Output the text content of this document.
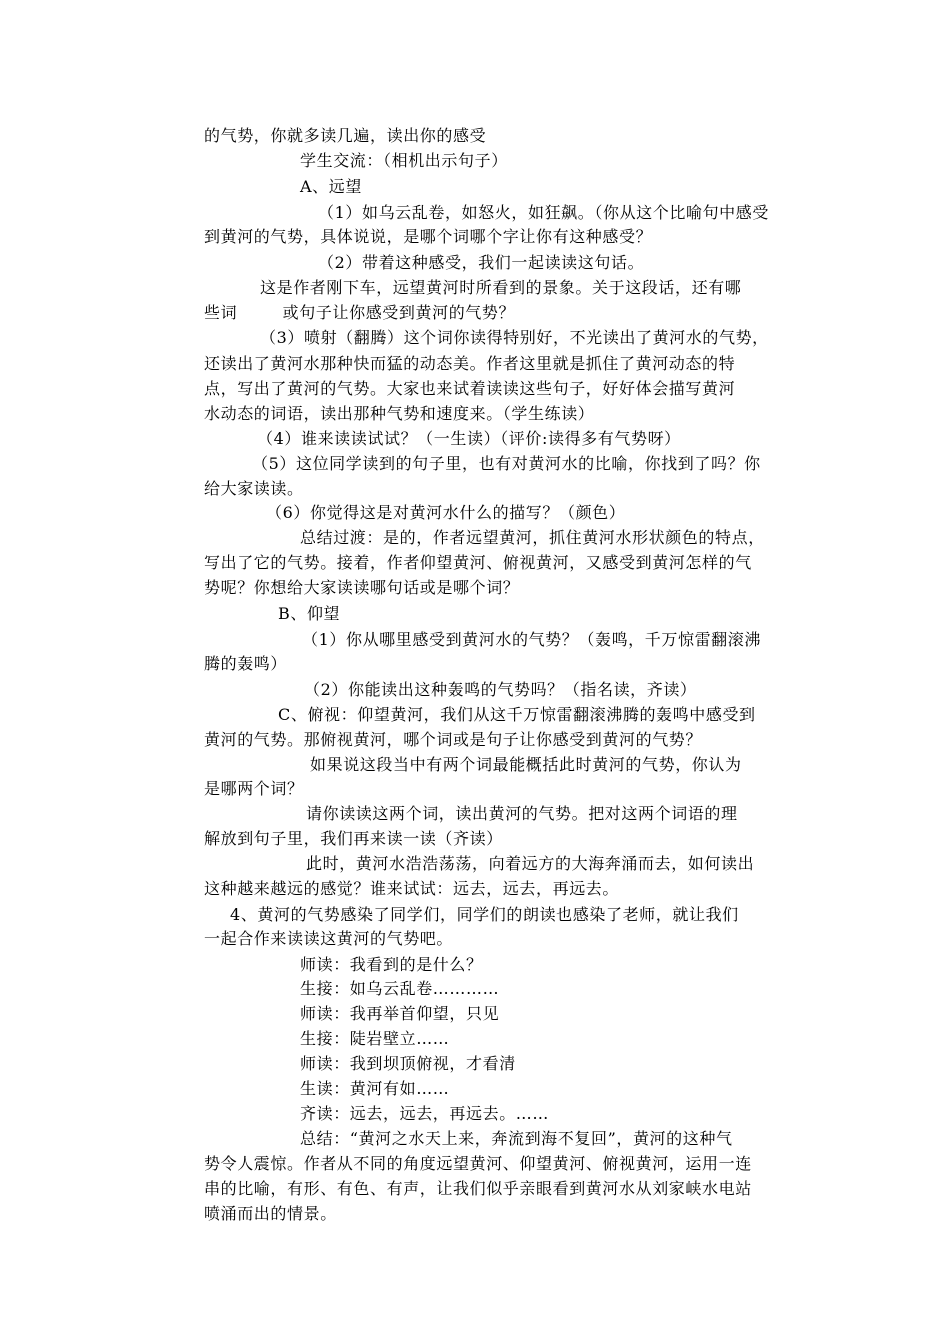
的气势，你就多读几遍，读出你的感受
学生交流：（相机出示句子）
A、远望
（1）如乌云乱卷，如怒火，如狂飙。（你从这个比喻句中感受
到黄河的气势，具体说说，是哪个词哪个字让你有这种感受？
（2）带着这种感受，我们一起读读这句话。
这是作者刚下车，远望黄河时所看到的景象。关于这段话，还有哪
些词        或句子让你感受到黄河的气势？
（3）喷射（翻腾）这个词你读得特别好，不光读出了黄河水的气势，
还读出了黄河水那种快而猛的动态美。作者这里就是抓住了黄河动态的特
点，写出了黄河的气势。大家也来试着读读这些句子，好好体会描写黄河
水动态的词语，读出那种气势和速度来。（学生练读）
（4）谁来读读试试？（一生读）（评价:读得多有气势呀）
（5）这位同学读到的句子里，也有对黄河水的比喻，你找到了吗？你
给大家读读。
（6）你觉得这是对黄河水什么的描写？（颜色）
总结过渡：是的，作者远望黄河，抓住黄河水形状颜色的特点，
写出了它的气势。接着，作者仰望黄河、俯视黄河，又感受到黄河怎样的气
势呢？你想给大家读读哪句话或是哪个词？
B、仰望
（1）你从哪里感受到黄河水的气势？（轰鸣，千万惊雷翻滚沸
腾的轰鸣）
（2）你能读出这种轰鸣的气势吗？（指名读，齐读）
C、俯视：仰望黄河，我们从这千万惊雷翻滚沸腾的轰鸣中感受到
黄河的气势。那俯视黄河，哪个词或是句子让你感受到黄河的气势？
如果说这段当中有两个词最能概括此时黄河的气势，你认为
是哪两个词？
请你读读这两个词，读出黄河的气势。把对这两个词语的理
解放到句子里，我们再来读一读（齐读）
此时，黄河水浩浩荡荡，向着远方的大海奔涌而去，如何读出
这种越来越远的感觉？谁来试试：远去，远去，再远去。
4、黄河的气势感染了同学们，同学们的朗读也感染了老师，就让我们
一起合作来读读这黄河的气势吧。
师读：我看到的是什么？
生接：如乌云乱卷…………
师读：我再举首仰望，只见
生接：陡岩壁立……
师读：我到坝顶俯视，才看清
生读：黄河有如……
齐读：远去，远去，再远去。……
总结：“黄河之水天上来，奔流到海不复回”，黄河的这种气
势令人震惊。作者从不同的角度远望黄河、仰望黄河、俯视黄河，运用一连
串的比喻，有形、有色、有声，让我们似乎亲眼看到黄河水从刘家峡水电站
喷涌而出的情景。
